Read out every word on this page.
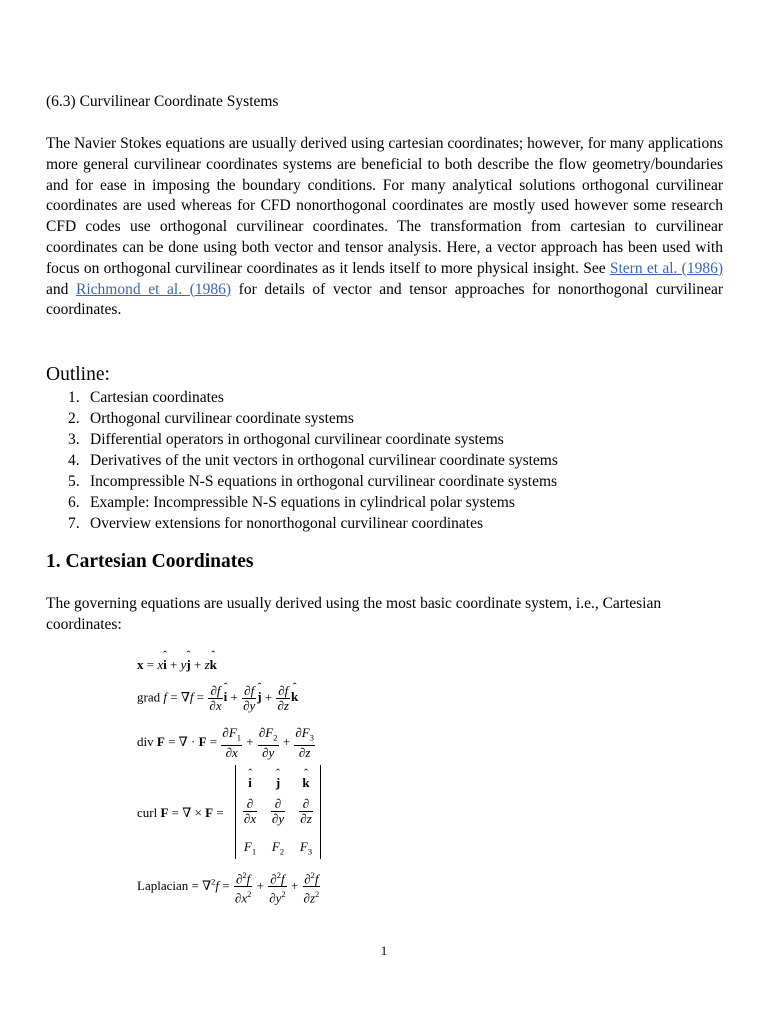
(6.3) Curvilinear Coordinate Systems

The Navier Stokes equations are usually derived using cartesian coordinates; however, for many applications more general curvilinear coordinates systems are beneficial to both describe the flow geometry/boundaries and for ease in imposing the boundary conditions. For many analytical solutions orthogonal curvilinear coordinates are used whereas for CFD nonorthogonal coordinates are mostly used however some research CFD codes use orthogonal curvilinear coordinates. The transformation from cartesian to curvilinear coordinates can be done using both vector and tensor analysis. Here, a vector approach has been used with focus on orthogonal curvilinear coordinates as it lends itself to more physical insight. See Stern et al. (1986) and Richmond et al. (1986) for details of vector and tensor approaches for nonorthogonal curvilinear coordinates.

Outline:

1. Cartesian coordinates
2. Orthogonal curvilinear coordinate systems
3. Differential operators in orthogonal curvilinear coordinate systems
4. Derivatives of the unit vectors in orthogonal curvilinear coordinate systems
5. Incompressible N-S equations in orthogonal curvilinear coordinate systems
6. Example: Incompressible N-S equations in cylindrical polar systems
7. Overview extensions for nonorthogonal curvilinear coordinates
1. Cartesian Coordinates

The governing equations are usually derived using the most basic coordinate system, i.e., Cartesian coordinates:

x = xˆ i + yˆ j + zˆ k
grad $f = \nabla f = \frac{\partial f}{\partial x}$ ˆ $i + \frac{\partial f}{\partial y}$ ˆ $j + \frac{\partial f}{\partial z}$ ˆ k
div F = ∇ · $F = \frac{\partial F_1}{\partial x} + \frac{\partial F_2}{\partial y} + \frac{\partial F_3}{\partial z}$
curl F = ∇ × F =
ˆ i	ˆ j	ˆ k
$\frac{\partial}{\partial x} \frac{\partial}{\partial y} \frac{\partial}{\partial z}$
$F_1$	$F_2$	$F_3$
Laplacian = $\nabla^2f = \frac{\partial^2f}{\partial x^2} + \frac{\partial^2f}{\partial y^2} + \frac{\partial^2f}{\partial z^2}$
1
